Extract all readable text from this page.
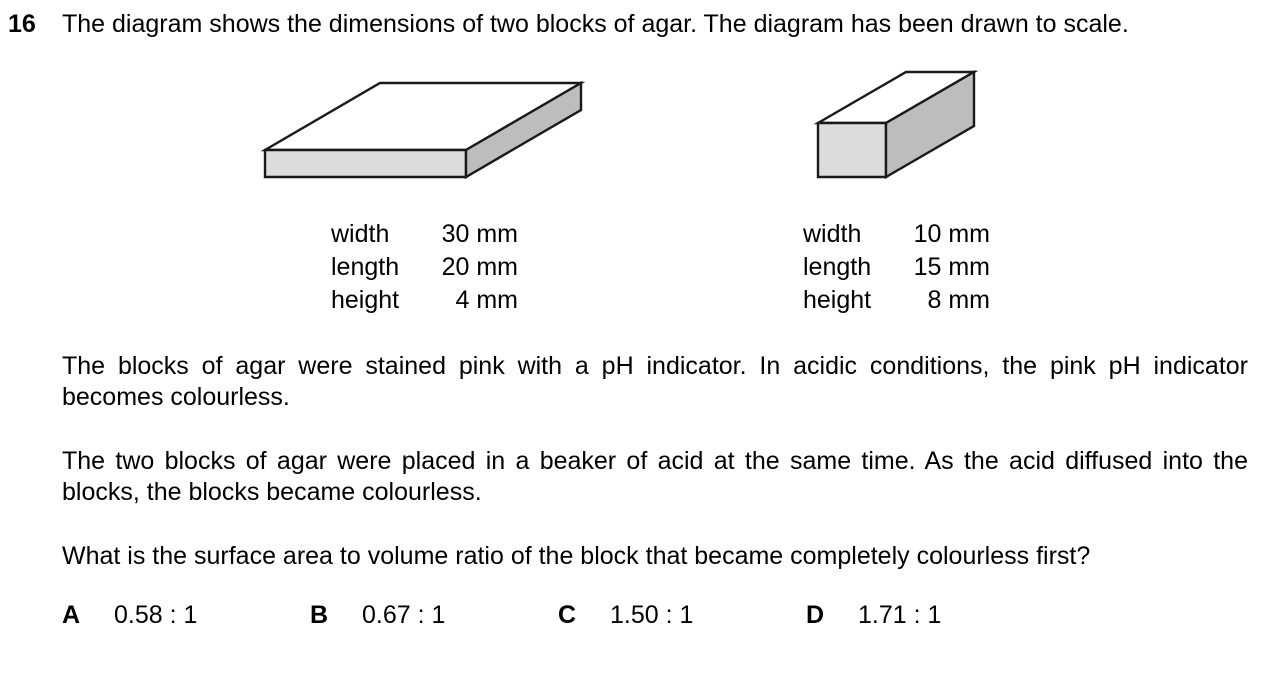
16 The diagram shows the dimensions of two blocks of agar. The diagram has been drawn to scale.
width	30 mm
length	20 mm
height	4 mm
width	10 mm
length	15 mm
height	8 mm
The blocks of agar were stained pink with a pH indicator. In acidic conditions, the pink pH indicator becomes colourless.
The two blocks of agar were placed in a beaker of acid at the same time. As the acid diffused into the blocks, the blocks became colourless.
What is the surface area to volume ratio of the block that became completely colourless first?
A 0.58 : 1	B 0.67 : 1	C 1.50 : 1	D 1.71 : 1
